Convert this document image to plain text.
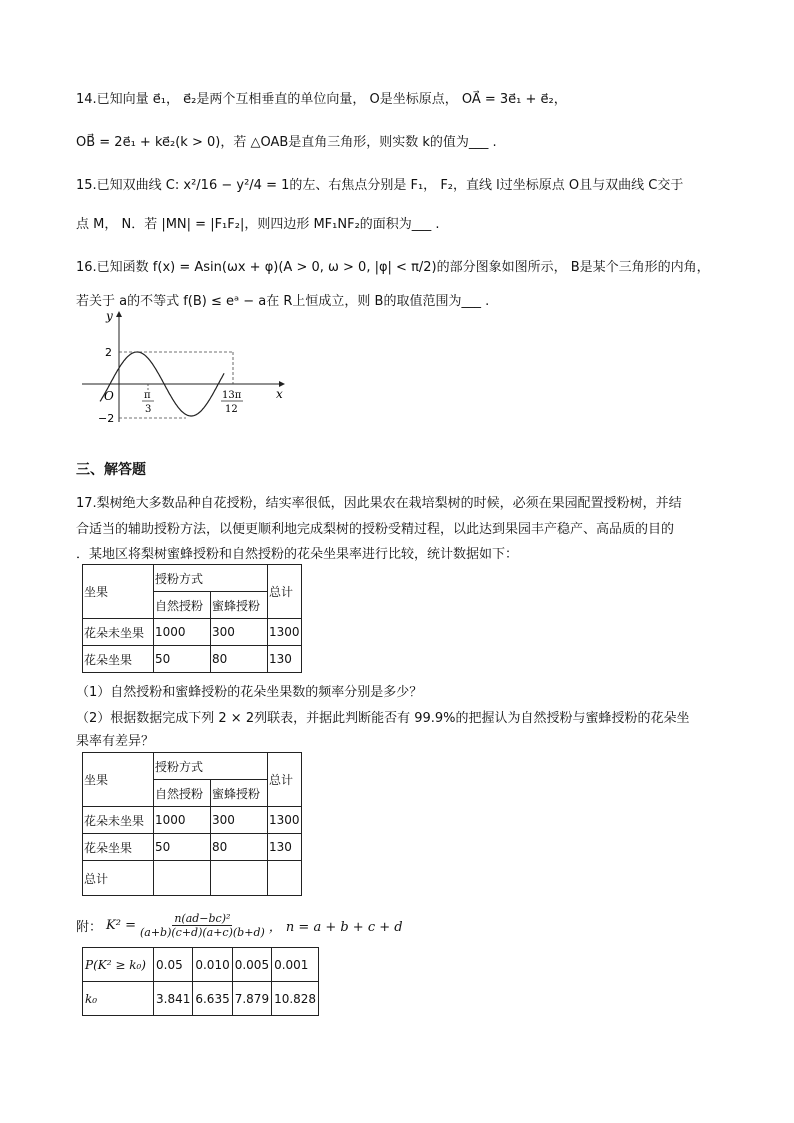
14.已知向量 e⃗₁， e⃗₂是两个互相垂直的单位向量， O是坐标原点， OA⃗ = 3e⃗₁ + e⃗₂，
OB⃗ = 2e⃗₁ + ke⃗₂(k > 0)，若 △OAB是直角三角形，则实数 k的值为___ .
15.已知双曲线 C: x²/16 − y²/4 = 1的左、右焦点分别是 F₁， F₂，直线 l过坐标原点 O且与双曲线 C交于
点 M， N．若 |MN| = |F₁F₂|，则四边形 MF₁NF₂的面积为___ .
16.已知函数 f(x) = Asin(ωx + φ)(A > 0, ω > 0, |φ| < π/2)的部分图象如图所示， B是某个三角形的内角，
若关于 a的不等式 f(B) ≤ eᵃ − a在 R上恒成立，则 B的取值范围为___ .
y
x
O
2
−2
π
3
13π
12
三、解答题
17.梨树绝大多数品种自花授粉，结实率很低，因此果农在栽培梨树的时候，必须在果园配置授粉树，并结
合适当的辅助授粉方法，以便更顺利地完成梨树的授粉受精过程，以此达到果园丰产稳产、高品质的目的
．某地区将梨树蜜蜂授粉和自然授粉的花朵坐果率进行比较，统计数据如下：
坐果	授粉方式		总计
	自然授粉	蜜蜂授粉	
花朵未坐果	1000	300	1300
花朵坐果	50	80	130
（1）自然授粉和蜜蜂授粉的花朵坐果数的频率分别是多少？
（2）根据数据完成下列 2 × 2列联表，并据此判断能否有 99.9%的把握认为自然授粉与蜜蜂授粉的花朵坐
果率有差异？
坐果	授粉方式		总计
	自然授粉	蜜蜂授粉	
花朵未坐果	1000	300	1300
花朵坐果	50	80	130
总计			
附： $K^2 = \frac{\text{n(ad−bc)²}}{(a+b)(c+d)(a+c)(b+d)}$ ， n = a + b + c + d
P(K² ≥ k₀)	0.05	0.010	0.005	0.001
k₀	3.841	6.635	7.879	10.828
